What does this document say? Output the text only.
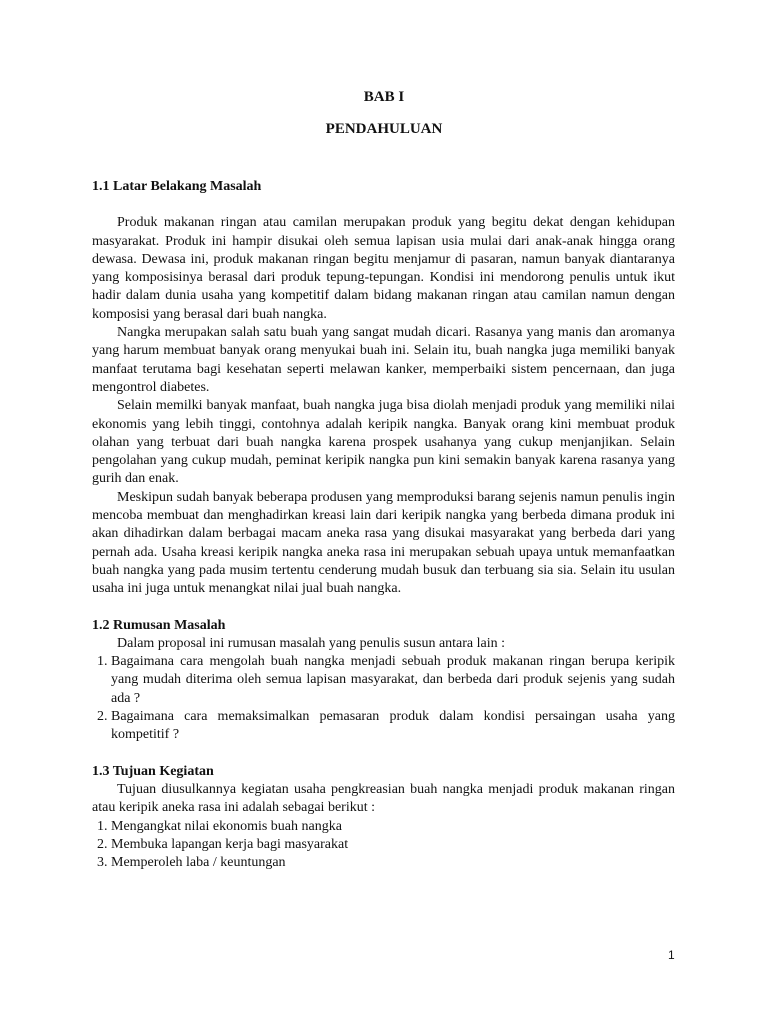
BAB I
PENDAHULUAN
1.1 Latar Belakang Masalah

Produk makanan ringan atau camilan merupakan produk yang begitu dekat dengan kehidupan masyarakat. Produk ini hampir disukai oleh semua lapisan usia mulai dari anak-anak hingga orang dewasa. Dewasa ini, produk makanan ringan begitu menjamur di pasaran, namun banyak diantaranya yang komposisinya berasal dari produk tepung-tepungan. Kondisi ini mendorong penulis untuk ikut hadir dalam dunia usaha yang kompetitif dalam bidang makanan ringan atau camilan namun dengan komposisi yang berasal dari buah nangka.

Nangka merupakan salah satu buah yang sangat mudah dicari. Rasanya yang manis dan aromanya yang harum membuat banyak orang menyukai buah ini. Selain itu, buah nangka juga memiliki banyak manfaat terutama bagi kesehatan seperti melawan kanker, memperbaiki sistem pencernaan, dan juga mengontrol diabetes.

Selain memilki banyak manfaat, buah nangka juga bisa diolah menjadi produk yang memiliki nilai ekonomis yang lebih tinggi, contohnya adalah keripik nangka. Banyak orang kini membuat produk olahan yang terbuat dari buah nangka karena prospek usahanya yang cukup menjanjikan. Selain pengolahan yang cukup mudah, peminat keripik nangka pun kini semakin banyak karena rasanya yang gurih dan enak.

Meskipun sudah banyak beberapa produsen yang memproduksi barang sejenis namun penulis ingin mencoba membuat dan menghadirkan kreasi lain dari keripik nangka yang berbeda dimana produk ini akan dihadirkan dalam berbagai macam aneka rasa yang disukai masyarakat yang berbeda dari yang pernah ada. Usaha kreasi keripik nangka aneka rasa ini merupakan sebuah upaya untuk memanfaatkan buah nangka yang pada musim tertentu cenderung mudah busuk dan terbuang sia sia. Selain itu usulan usaha ini juga untuk menangkat nilai jual buah nangka.

1.2 Rumusan Masalah

Dalam proposal ini rumusan masalah yang penulis susun antara lain :

1. Bagaimana cara mengolah buah nangka menjadi sebuah produk makanan ringan berupa keripik yang mudah diterima oleh semua lapisan masyarakat, dan berbeda dari produk sejenis yang sudah ada ?
2. Bagaimana cara memaksimalkan pemasaran produk dalam kondisi persaingan usaha yang kompetitif ?
1.3 Tujuan Kegiatan

Tujuan diusulkannya kegiatan usaha pengkreasian buah nangka menjadi produk makanan ringan atau keripik aneka rasa ini adalah sebagai berikut :

1. Mengangkat nilai ekonomis buah nangka
2. Membuka lapangan kerja bagi masyarakat
3. Memperoleh laba / keuntungan
1
